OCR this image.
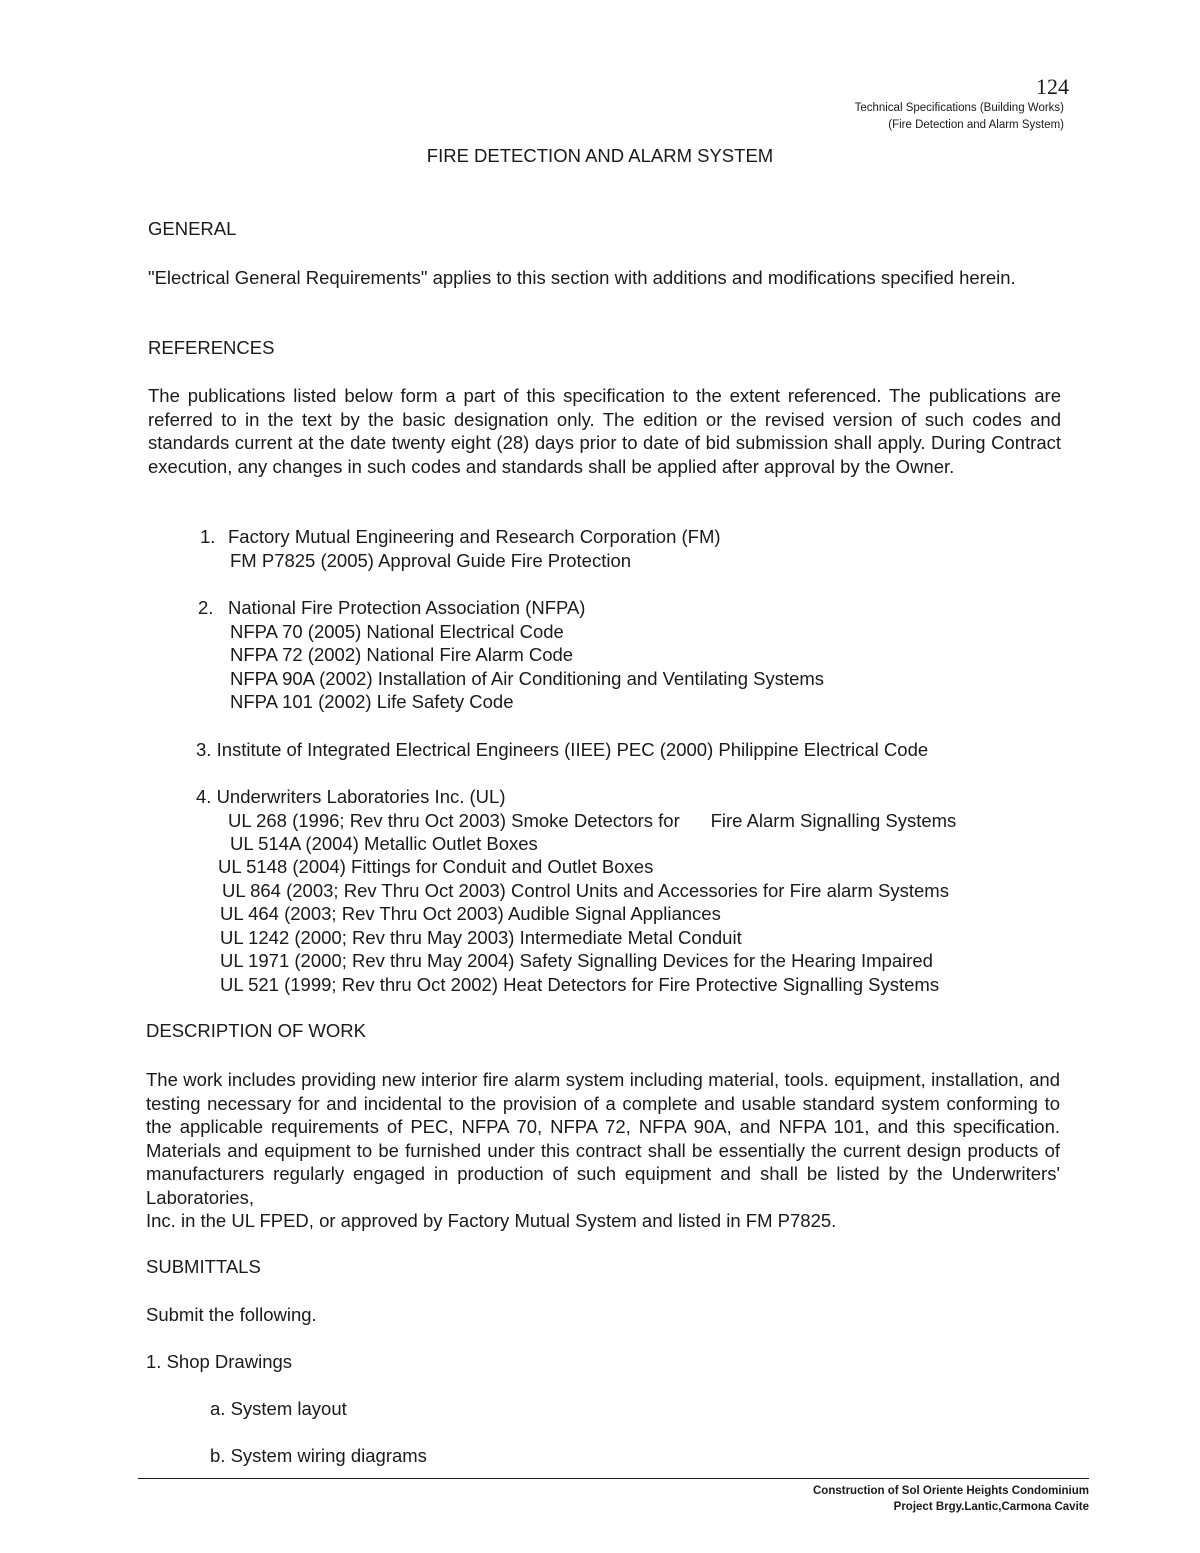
124
Technical Specifications (Building Works)
(Fire Detection and Alarm System)
FIRE DETECTION AND ALARM SYSTEM
GENERAL
"Electrical General Requirements" applies to this section with additions and modifications specified herein.
REFERENCES
The publications listed below form a part of this specification to the extent referenced. The publications are referred to in the text by the basic designation only. The edition or the revised version of such codes and standards current at the date twenty eight (28) days prior to date of bid submission shall apply. During Contract execution, any changes in such codes and standards shall be applied after approval by the Owner.
1. Factory Mutual Engineering and Research Corporation (FM)
FM P7825 (2005) Approval Guide Fire Protection
2. National Fire Protection Association (NFPA)
NFPA 70 (2005) National Electrical Code
NFPA 72 (2002) National Fire Alarm Code
NFPA 90A (2002) Installation of Air Conditioning and Ventilating Systems
NFPA 101 (2002) Life Safety Code
3. Institute of Integrated Electrical Engineers (IIEE) PEC (2000) Philippine Electrical Code
4. Underwriters Laboratories Inc. (UL)
UL 268 (1996; Rev thru Oct 2003) Smoke Detectors for      Fire Alarm Signalling Systems
UL 514A (2004) Metallic Outlet Boxes
UL 5148 (2004) Fittings for Conduit and Outlet Boxes
UL 864 (2003; Rev Thru Oct 2003) Control Units and Accessories for Fire alarm Systems
UL 464 (2003; Rev Thru Oct 2003) Audible Signal Appliances
UL 1242 (2000; Rev thru May 2003) Intermediate Metal Conduit
UL 1971 (2000; Rev thru May 2004) Safety Signalling Devices for the Hearing Impaired
UL 521 (1999; Rev thru Oct 2002) Heat Detectors for Fire Protective Signalling Systems
DESCRIPTION OF WORK
The work includes providing new interior fire alarm system including material, tools. equipment, installation, and testing necessary for and incidental to the provision of a complete and usable standard system conforming to the applicable requirements of PEC, NFPA 70, NFPA 72, NFPA 90A, and NFPA 101, and this specification. Materials and equipment to be furnished under this contract shall be essentially the current design products of manufacturers regularly engaged in production of such equipment and shall be listed by the Underwriters' Laboratories,
Inc. in the UL FPED, or approved by Factory Mutual System and listed in FM P7825.
SUBMITTALS
Submit the following.
1. Shop Drawings
a. System layout
b. System wiring diagrams
Construction of Sol Oriente Heights Condominium
Project Brgy.Lantic,Carmona Cavite
